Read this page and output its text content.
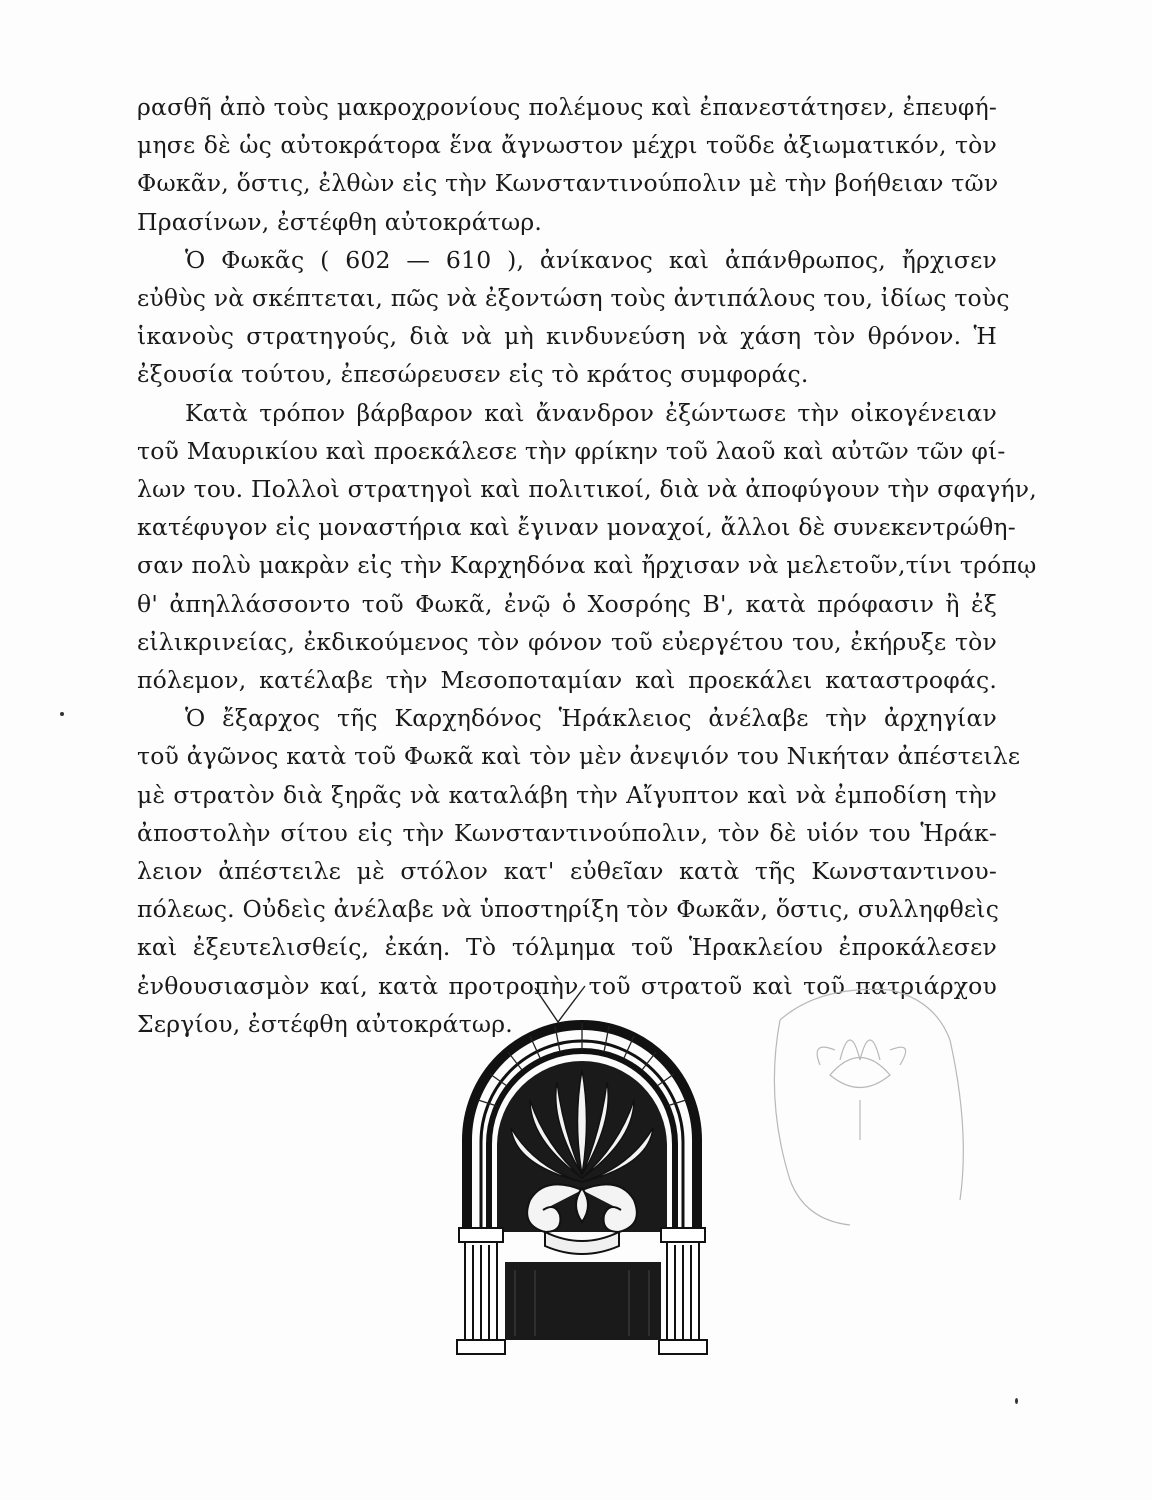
ρασθῆ ἀπὸ τοὺς μακροχρονίους πολέμους καὶ ἐπανεστάτησεν, ἐπευφή-
μησε δὲ ὡς αὐτοκράτορα ἕνα ἄγνωστον μέχρι τοῦδε ἀξιωματικόν, τὸν
Φωκᾶν, ὅστις, ἐλθὼν εἰς τὴν Κωνσταντινούπολιν μὲ τὴν βοήθειαν τῶν
Πρασίνων, ἐστέφθη αὐτοκράτωρ.
Ὁ Φωκᾶς ( 602 — 610 ), ἀνίκανος καὶ ἀπάνθρωπος, ἤρχισεν
εὐθὺς νὰ σκέπτεται, πῶς νὰ ἐξοντώση τοὺς ἀντιπάλους του, ἰδίως τοὺς
ἱκανοὺς στρατηγούς, διὰ νὰ μὴ κινδυνεύση νὰ χάση τὸν θρόνον. Ἡ
ἐξουσία τούτου, ἐπεσώρευσεν εἰς τὸ κράτος συμφοράς.
Κατὰ τρόπον βάρβαρον καὶ ἄνανδρον ἐξώντωσε τὴν οἰκογένειαν
τοῦ Μαυρικίου καὶ προεκάλεσε τὴν φρίκην τοῦ λαοῦ καὶ αὐτῶν τῶν φί-
λων του. Πολλοὶ στρατηγοὶ καὶ πολιτικοί, διὰ νὰ ἀποφύγουν τὴν σφαγήν,
κατέφυγον εἰς μοναστήρια καὶ ἔγιναν μοναχοί, ἄλλοι δὲ συνεκεντρώθη-
σαν πολὺ μακρὰν εἰς τὴν Καρχηδόνα καὶ ἤρχισαν νὰ μελετοῦν,τίνι τρόπῳ
θ' ἀπηλλάσσοντο τοῦ Φωκᾶ, ἐνῷ ὁ Χοσρόης Β', κατὰ πρόφασιν ἢ ἐξ
εἰλικρινείας, ἐκδικούμενος τὸν φόνον τοῦ εὐεργέτου του, ἐκήρυξε τὸν
πόλεμον, κατέλαβε τὴν Μεσοποταμίαν καὶ προεκάλει καταστροφάς.
Ὁ ἔξαρχος τῆς Καρχηδόνος Ἡράκλειος ἀνέλαβε τὴν ἀρχηγίαν
τοῦ ἀγῶνος κατὰ τοῦ Φωκᾶ καὶ τὸν μὲν ἀνεψιόν του Νικήταν ἀπέστειλε
μὲ στρατὸν διὰ ξηρᾶς νὰ καταλάβη τὴν Αἴγυπτον καὶ νὰ ἐμποδίση τὴν
ἀποστολὴν σίτου εἰς τὴν Κωνσταντινούπολιν, τὸν δὲ υἱόν του Ἡράκ-
λειον ἀπέστειλε μὲ στόλον κατ' εὐθεῖαν κατὰ τῆς Κωνσταντινου-
πόλεως. Οὐδεὶς ἀνέλαβε νὰ ὑποστηρίξη τὸν Φωκᾶν, ὅστις, συλληφθεὶς
καὶ ἐξευτελισθείς, ἐκάη. Τὸ τόλμημα τοῦ Ἡρακλείου ἐπροκάλεσεν
ἐνθουσιασμὸν καί, κατὰ προτροπὴν τοῦ στρατοῦ καὶ τοῦ πατριάρχου
Σεργίου, ἐστέφθη αὐτοκράτωρ.
